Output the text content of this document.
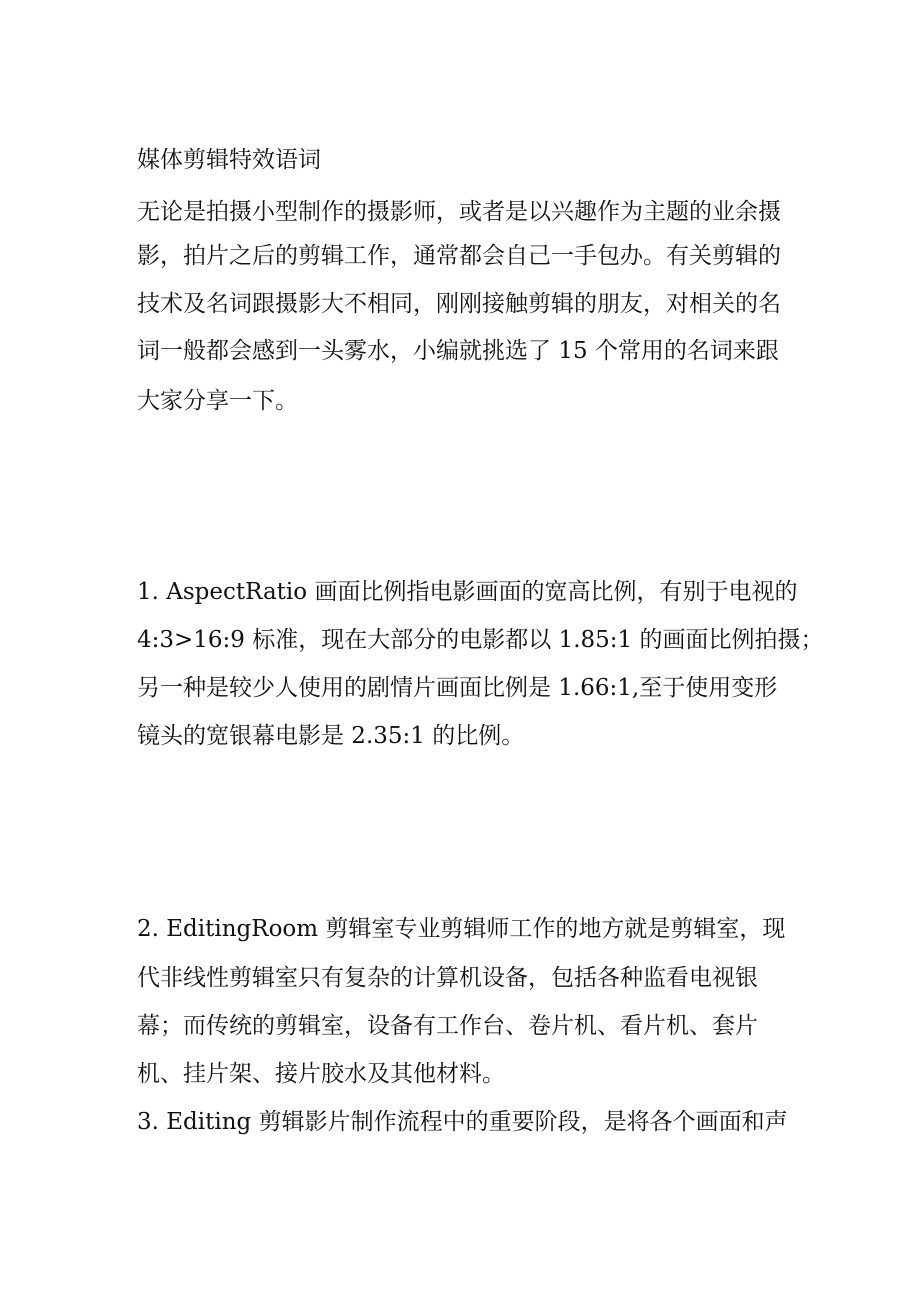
媒体剪辑特效语词
无论是拍摄小型制作的摄影师，或者是以兴趣作为主题的业余摄
影，拍片之后的剪辑工作，通常都会自己一手包办。有关剪辑的
技术及名词跟摄影大不相同，刚刚接触剪辑的朋友，对相关的名
词一般都会感到一头雾水，小编就挑选了 15 个常用的名词来跟
大家分享一下。
1. AspectRatio 画面比例指电影画面的宽高比例，有别于电视的
4:3>16:9 标准，现在大部分的电影都以 1.85:1 的画面比例拍摄；
另一种是较少人使用的剧情片画面比例是 1.66:1,至于使用变形
镜头的宽银幕电影是 2.35:1 的比例。
2. EditingRoom 剪辑室专业剪辑师工作的地方就是剪辑室，现
代非线性剪辑室只有复杂的计算机设备，包括各种监看电视银
幕；而传统的剪辑室，设备有工作台、卷片机、看片机、套片
机、挂片架、接片胶水及其他材料。
3. Editing 剪辑影片制作流程中的重要阶段，是将各个画面和声
